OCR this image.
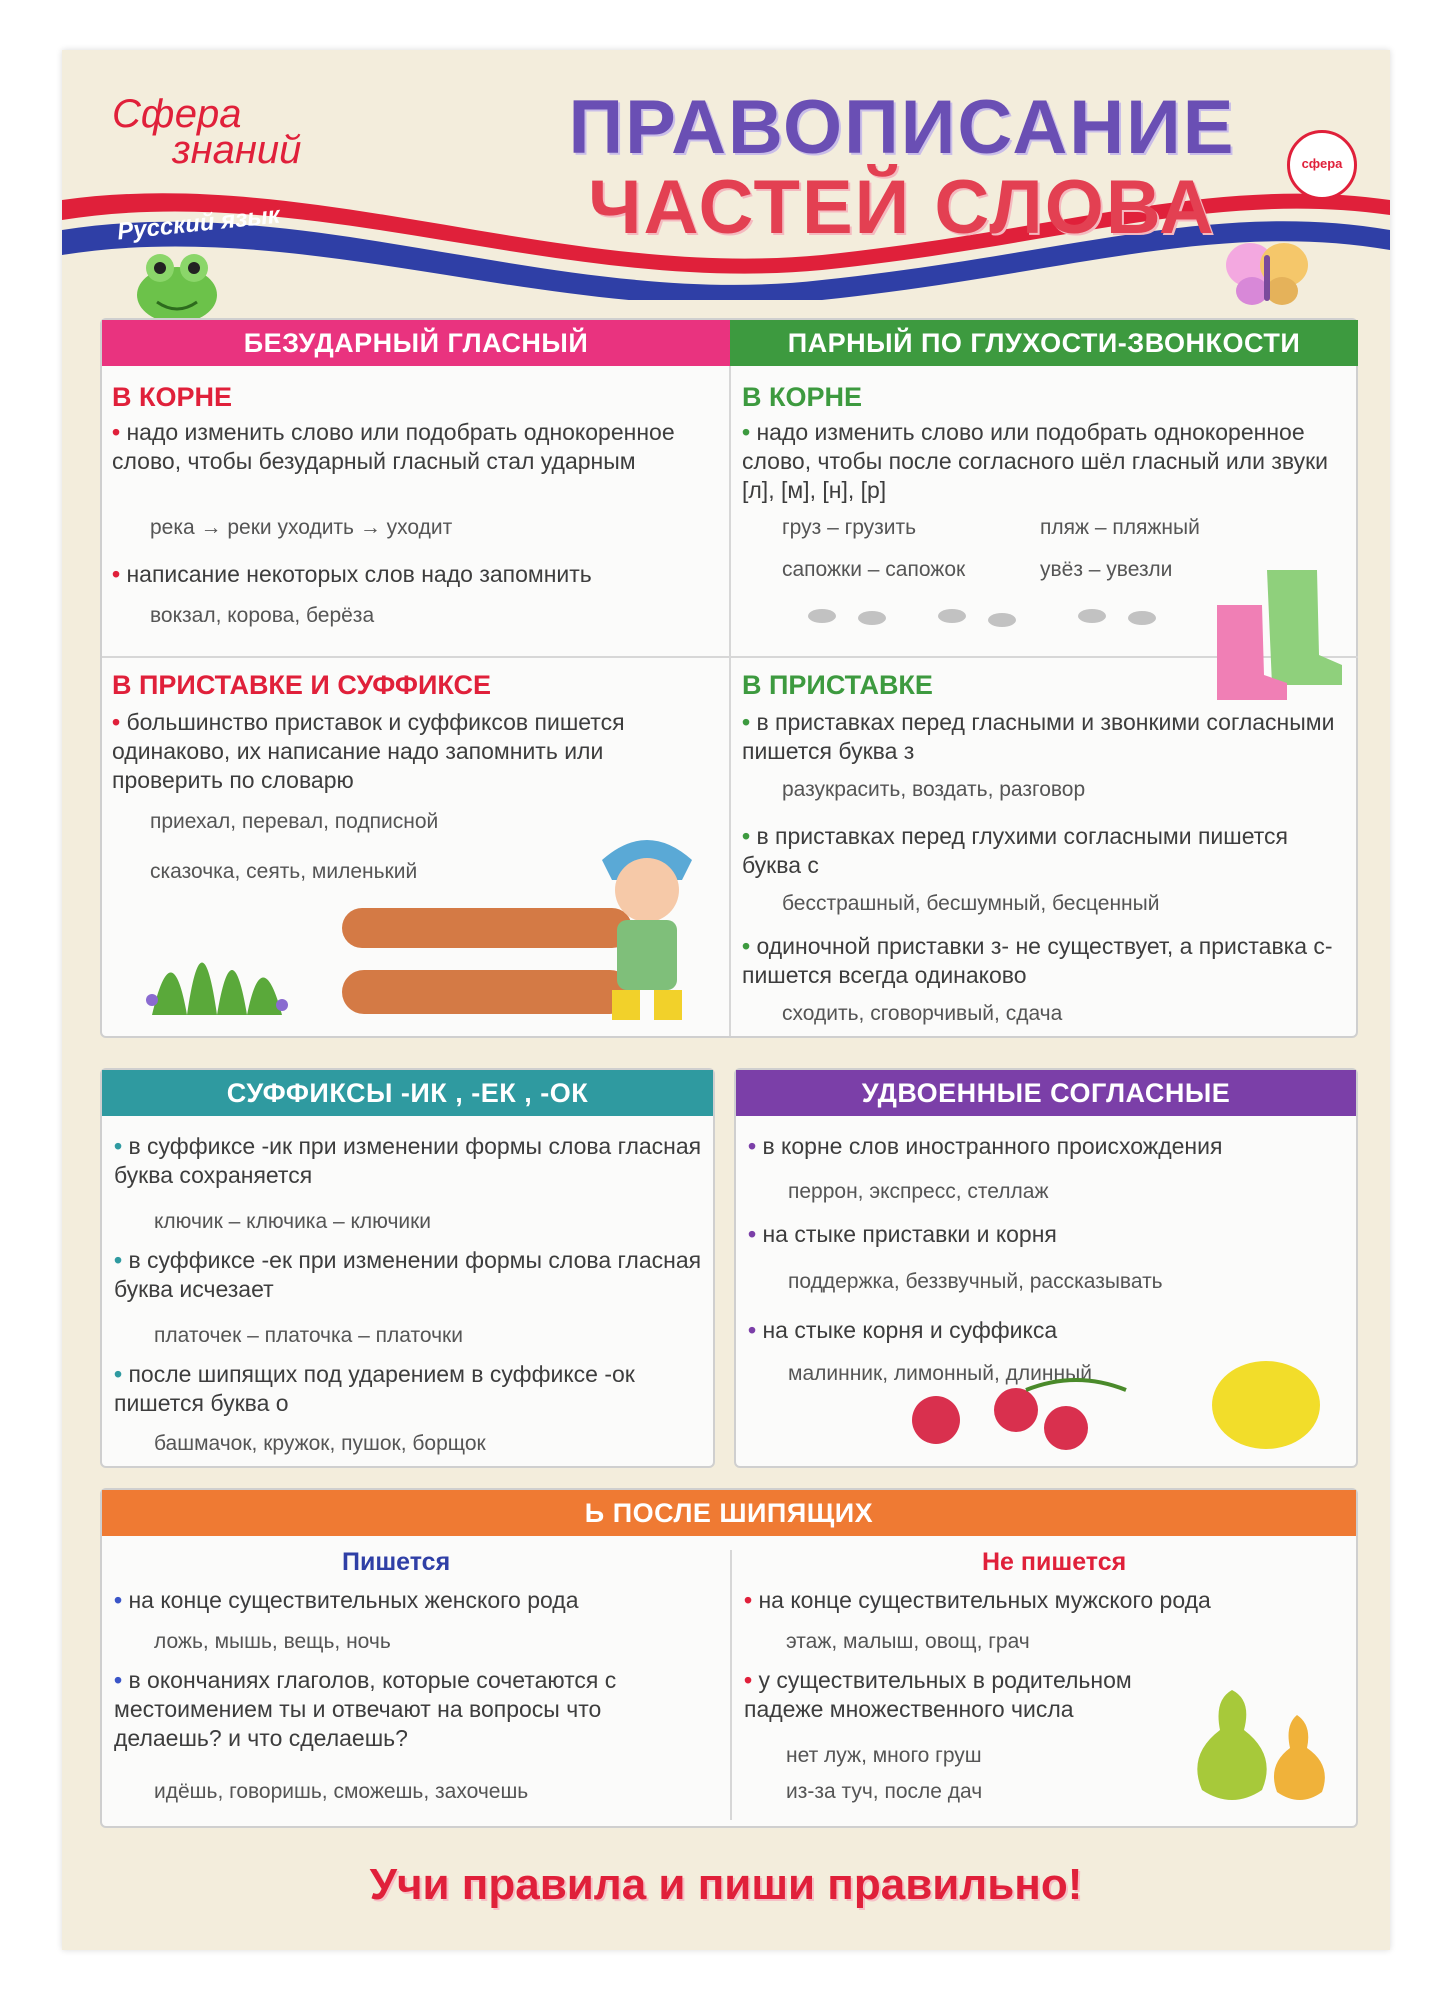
Сфера
знаний
Русский язык
сфера
ПРАВОПИСАНИЕ
ЧАСТЕЙ СЛОВА
БЕЗУДАРНЫЙ ГЛАСНЫЙ	ПАРНЫЙ ПО ГЛУХОСТИ-ЗВОНКОСТИ
В КОРНЕ
• надо изменить слово или подобрать однокоренное слово, чтобы безударный гласный стал ударным
река → реки уходить → уходит
• написание некоторых слов надо запомнить
вокзал, корова, берёза
В ПРИСТАВКЕ И СУФФИКСЕ
• большинство приставок и суффиксов пишется одинаково, их написание надо запомнить или проверить по словарю
приехал, перевал, подписной
сказочка, сеять, миленький
В КОРНЕ
• надо изменить слово или подобрать однокоренное слово, чтобы после согласного шёл гласный или звуки [л], [м], [н], [р]
груз – грузить	пляж – пляжный
сапожки – сапожок	увёз – увезли
В ПРИСТАВКЕ
• в приставках перед гласными и звонкими согласными пишется буква з
разукрасить, воздать, разговор
• в приставках перед глухими согласными пишется буква с
бесстрашный, бесшумный, бесценный
• одиночной приставки з- не существует, а приставка с- пишется всегда одинаково
сходить, сговорчивый, сдача
СУФФИКСЫ -ИК , -ЕК , -ОК
• в суффиксе -ик при изменении формы слова гласная буква сохраняется
ключик – ключика – ключики
• в суффиксе -ек при изменении формы слова гласная буква исчезает
платочек – платочка – платочки
• после шипящих под ударением в суффиксе -ок пишется буква о
башмачок, кружок, пушок, борщок
УДВОЕННЫЕ СОГЛАСНЫЕ
• в корне слов иностранного происхождения
перрон, экспресс, стеллаж
• на стыке приставки и корня
поддержка, беззвучный, рассказывать
• на стыке корня и суффикса
малинник, лимонный, длинный
Ь ПОСЛЕ ШИПЯЩИХ
Пишется
• на конце существительных женского рода
ложь, мышь, вещь, ночь
• в окончаниях глаголов, которые сочетаются с местоимением ты и отвечают на вопросы что делаешь? и что сделаешь?
идёшь, говоришь, сможешь, захочешь
Не пишется
• на конце существительных мужского рода
этаж, малыш, овощ, грач
• у существительных в родительном падеже множественного числа
нет луж, много груш
из-за туч, после дач
Учи правила и пиши правильно!
